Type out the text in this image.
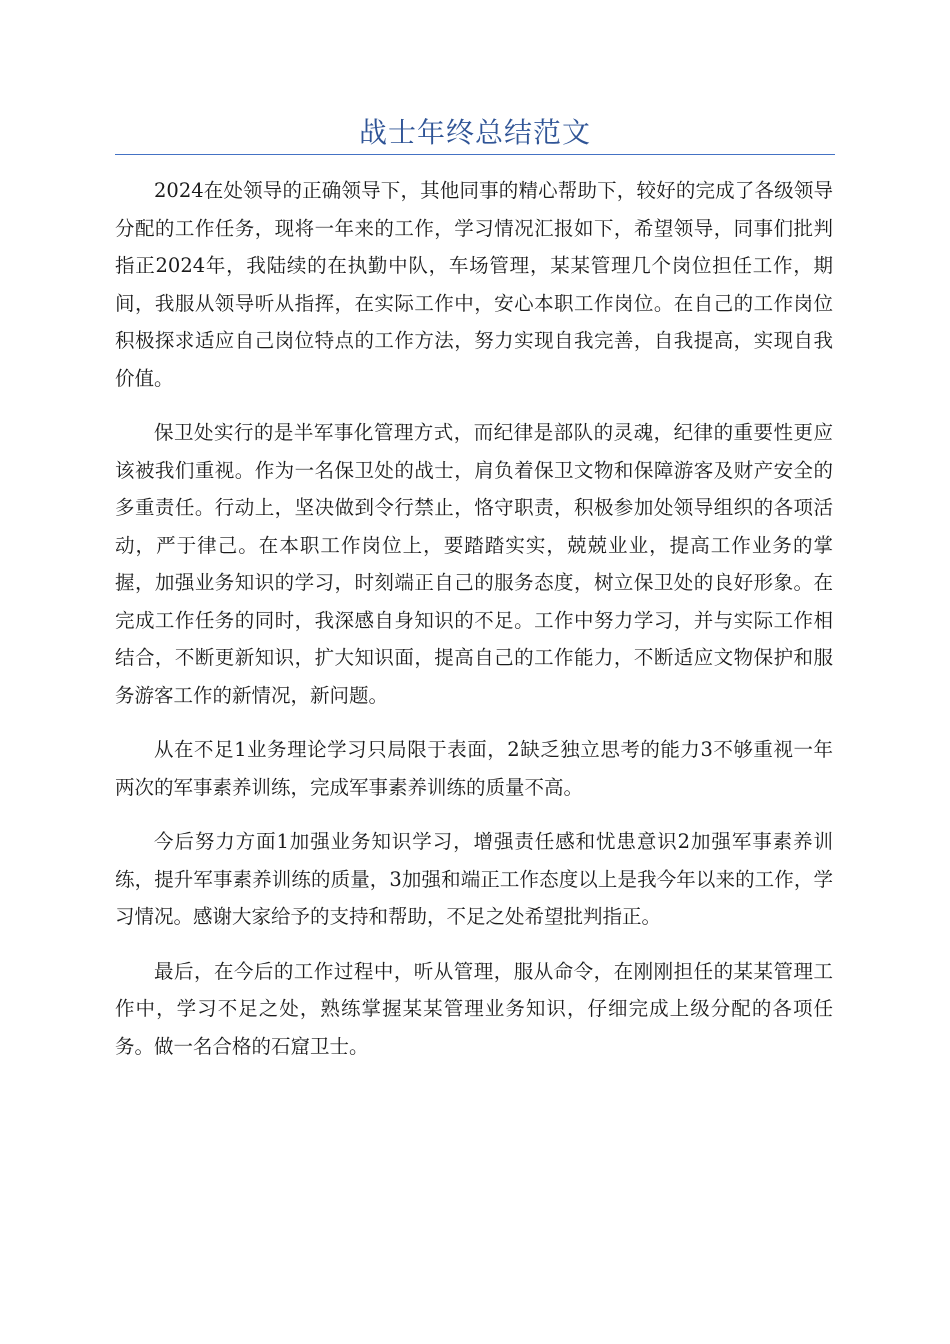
战士年终总结范文

2024在处领导的正确领导下，其他同事的精心帮助下，较好的完成了各级领导分配的工作任务，现将一年来的工作，学习情况汇报如下，希望领导，同事们批判指正2024年，我陆续的在执勤中队，车场管理，某某管理几个岗位担任工作，期间，我服从领导听从指挥，在实际工作中，安心本职工作岗位。在自己的工作岗位积极探求适应自己岗位特点的工作方法，努力实现自我完善，自我提高，实现自我价值。

保卫处实行的是半军事化管理方式，而纪律是部队的灵魂，纪律的重要性更应该被我们重视。作为一名保卫处的战士，肩负着保卫文物和保障游客及财产安全的多重责任。行动上，坚决做到令行禁止，恪守职责，积极参加处领导组织的各项活动，严于律己。在本职工作岗位上，要踏踏实实，兢兢业业，提高工作业务的掌握，加强业务知识的学习，时刻端正自己的服务态度，树立保卫处的良好形象。在完成工作任务的同时，我深感自身知识的不足。工作中努力学习，并与实际工作相结合，不断更新知识，扩大知识面，提高自己的工作能力，不断适应文物保护和服务游客工作的新情况，新问题。

从在不足1业务理论学习只局限于表面，2缺乏独立思考的能力3不够重视一年两次的军事素养训练，完成军事素养训练的质量不高。

今后努力方面1加强业务知识学习，增强责任感和忧患意识2加强军事素养训练，提升军事素养训练的质量，3加强和端正工作态度以上是我今年以来的工作，学习情况。感谢大家给予的支持和帮助，不足之处希望批判指正。

最后，在今后的工作过程中，听从管理，服从命令，在刚刚担任的某某管理工作中，学习不足之处，熟练掌握某某管理业务知识，仔细完成上级分配的各项任务。做一名合格的石窟卫士。
